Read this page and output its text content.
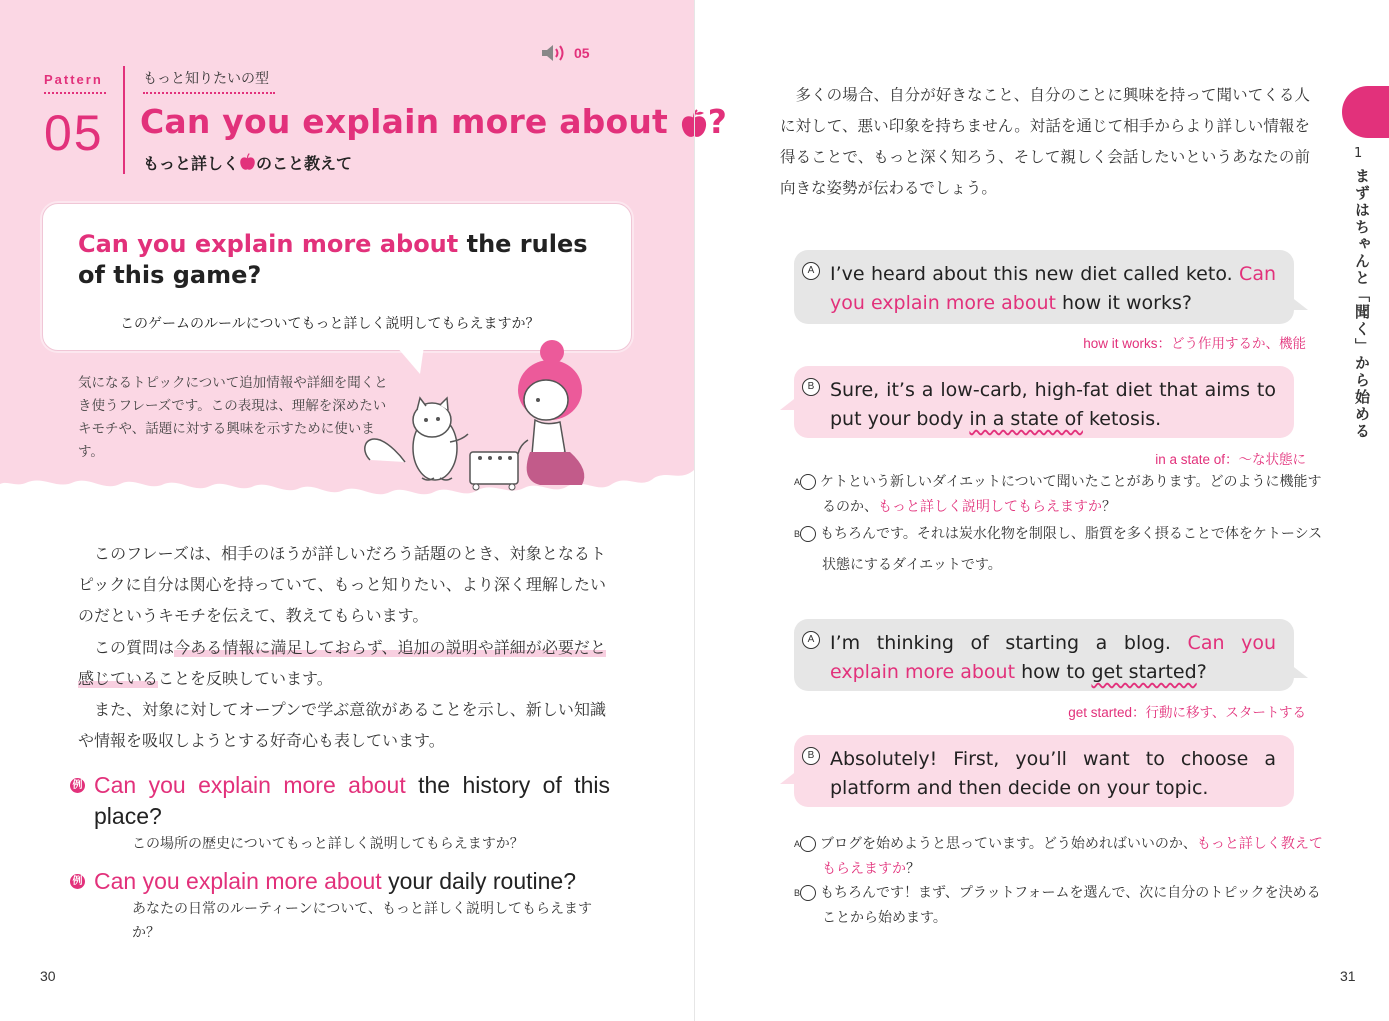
05
Pattern
05
もっと知りたいの型
Can you explain more about ?
もっと詳しく のこと教えて
Can you explain more about the rules of this game?
このゲームのルールについてもっと詳しく説明してもらえますか？
気になるトピックについて追加情報や詳細を聞くとき使うフレーズです。この表現は、理解を深めたいキモチや、話題に対する興味を示すために使います。
このフレーズは、相手のほうが詳しいだろう話題のとき、対象となるトピックに自分は関心を持っていて、もっと知りたい、より深く理解したいのだというキモチを伝えて、教えてもらいます。
この質問は今ある情報に満足しておらず、追加の説明や詳細が必要だと感じていることを反映しています。
また、対象に対してオープンで学ぶ意欲があることを示し、新しい知識や情報を吸収しようとする好奇心も表しています。
例 Can you explain more about the history of this place?
この場所の歴史についてもっと詳しく説明してもらえますか？
例 Can you explain more about your daily routine?
あなたの日常のルーティーンについて、もっと詳しく説明してもらえますか？
30
多くの場合、自分が好きなこと、自分のことに興味を持って聞いてくる人に対して、悪い印象を持ちません。対話を通じて相手からより詳しい情報を得ることで、もっと深く知ろう、そして親しく会話したいというあなたの前向きな姿勢が伝わるでしょう。
1
まずはちゃんと「聞く」から始める
A I’ve heard about this new diet called keto. Can you explain more about how it works?
how it works：どう作用するか、機能
B Sure, it’s a low-carb, high-fat diet that aims to put your body in a state of ketosis.
in a state of：～な状態に
A ケトという新しいダイエットについて聞いたことがあります。どのように機能するのか、もっと詳しく説明してもらえますか？
B もちろんです。それは炭水化物を制限し、脂質を多く摂ることで体をケトーシス状態にするダイエットです。
A I’m thinking of starting a blog. Can you explain more about how to get started?
get started：行動に移す、スタートする
B Absolutely! First, you’ll want to choose a platform and then decide on your topic.
A ブログを始めようと思っています。どう始めればいいのか、もっと詳しく教えてもらえますか？
B もちろんです！まず、プラットフォームを選んで、次に自分のトピックを決めることから始めます。
31
